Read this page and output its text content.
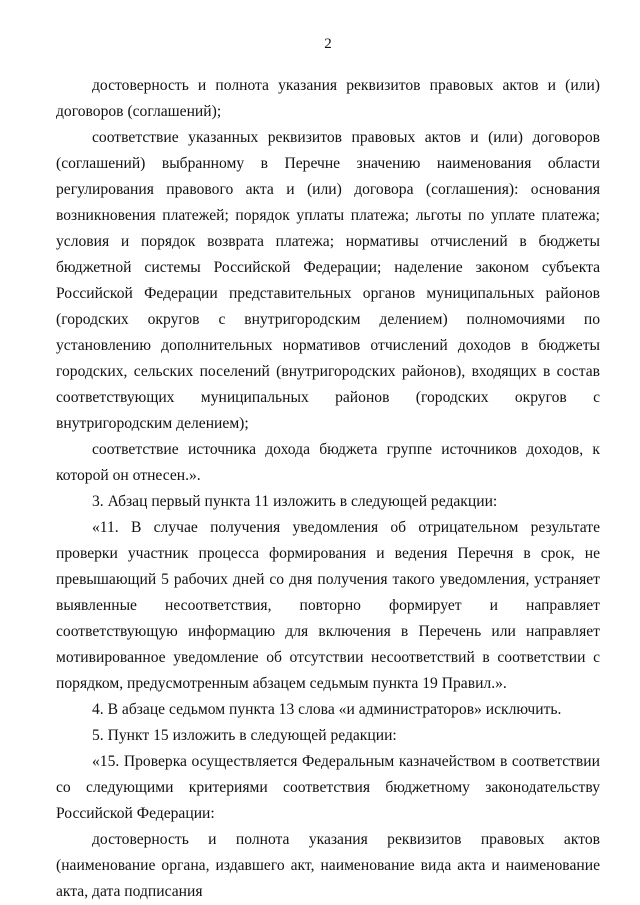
2

достоверность и полнота указания реквизитов правовых актов и (или) договоров (соглашений);

соответствие указанных реквизитов правовых актов и (или) договоров (соглашений) выбранному в Перечне значению наименования области регулирования правового акта и (или) договора (соглашения): основания возникновения платежей; порядок уплаты платежа; льготы по уплате платежа; условия и порядок возврата платежа; нормативы отчислений в бюджеты бюджетной системы Российской Федерации; наделение законом субъекта Российской Федерации представительных органов муниципальных районов (городских округов с внутригородским делением) полномочиями по установлению дополнительных нормативов отчислений доходов в бюджеты городских, сельских поселений (внутригородских районов), входящих в состав соответствующих муниципальных районов (городских округов с внутригородским делением);

соответствие источника дохода бюджета группе источников доходов, к которой он отнесен.».

3. Абзац первый пункта 11 изложить в следующей редакции:

«11. В случае получения уведомления об отрицательном результате проверки участник процесса формирования и ведения Перечня в срок, не превышающий 5 рабочих дней со дня получения такого уведомления, устраняет выявленные несоответствия, повторно формирует и направляет соответствующую информацию для включения в Перечень или направляет мотивированное уведомление об отсутствии несоответствий в соответствии с порядком, предусмотренным абзацем седьмым пункта 19 Правил.».

4. В абзаце седьмом пункта 13 слова «и администраторов» исключить.

5. Пункт 15 изложить в следующей редакции:

«15. Проверка осуществляется Федеральным казначейством в соответствии со следующими критериями соответствия бюджетному законодательству Российской Федерации:

достоверность и полнота указания реквизитов правовых актов (наименование органа, издавшего акт, наименование вида акта и наименование акта, дата подписания
